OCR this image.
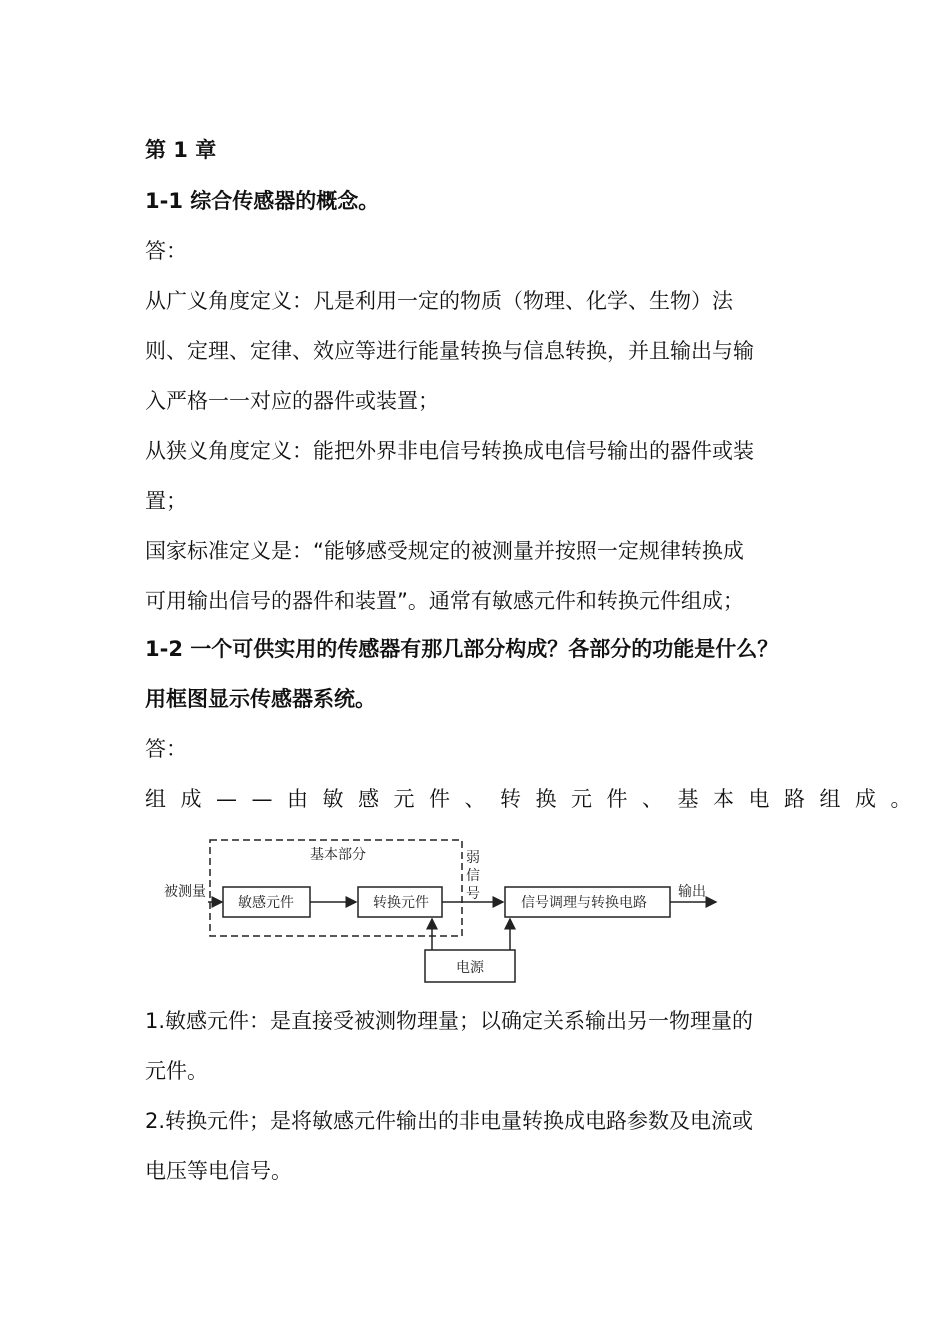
第 1 章
1-1 综合传感器的概念。
答：
从广义角度定义：凡是利用一定的物质（物理、化学、生物）法
则、定理、定律、效应等进行能量转换与信息转换，并且输出与输
入严格一一对应的器件或装置；
从狭义角度定义：能把外界非电信号转换成电信号输出的器件或装
置；
国家标准定义是：“能够感受规定的被测量并按照一定规律转换成
可用输出信号的器件和装置”。通常有敏感元件和转换元件组成；
1-2 一个可供实用的传感器有那几部分构成？各部分的功能是什么？
用框图显示传感器系统。
答：
组成——由敏感元件、转换元件、基本电路组成。
基本部分
被测量
敏感元件	转换元件
弱
信
号
信号调理与转换电路
输出
电源
1.敏感元件：是直接受被测物理量；以确定关系输出另一物理量的
元件。
2.转换元件；是将敏感元件输出的非电量转换成电路参数及电流或
电压等电信号。
